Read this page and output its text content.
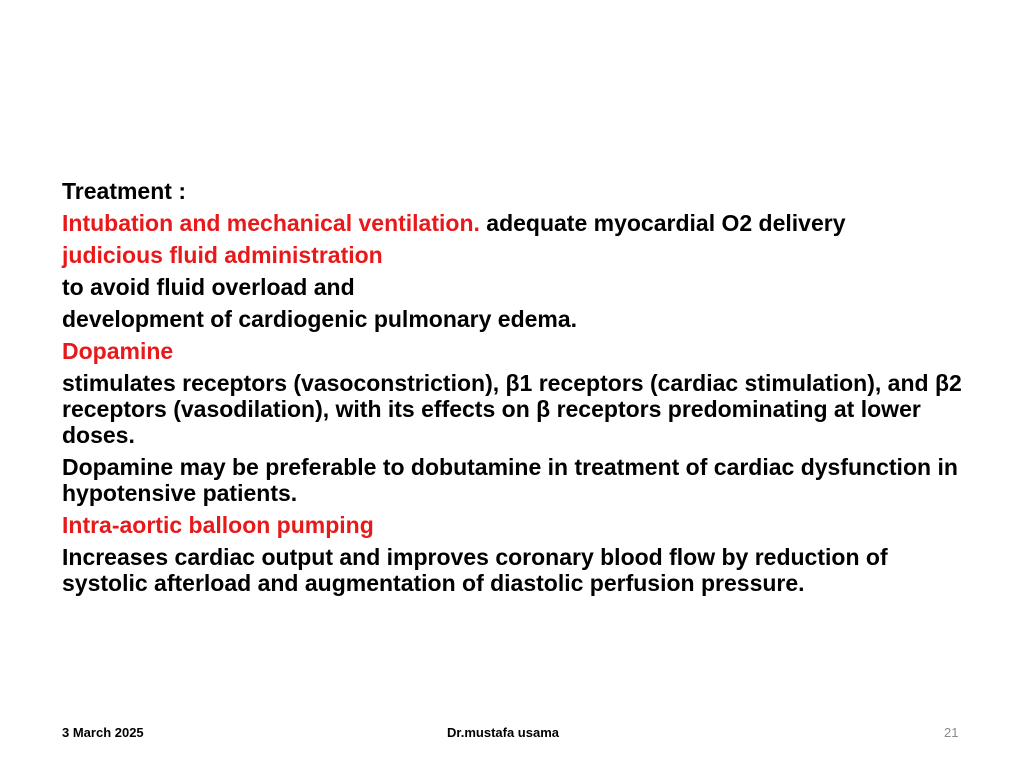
Treatment :
Intubation and mechanical ventilation. adequate myocardial O2 delivery
judicious fluid administration
to avoid fluid overload and
development of cardiogenic pulmonary edema.
Dopamine
stimulates receptors (vasoconstriction), β1 receptors (cardiac stimulation), and β2 receptors (vasodilation), with its effects on β receptors predominating at lower doses.
Dopamine may be preferable to dobutamine in treatment of cardiac dysfunction in hypotensive patients.
Intra-aortic balloon pumping
Increases cardiac output and improves coronary blood flow by reduction of systolic afterload and augmentation of diastolic perfusion pressure.
3 March 2025	Dr.mustafa usama	21
